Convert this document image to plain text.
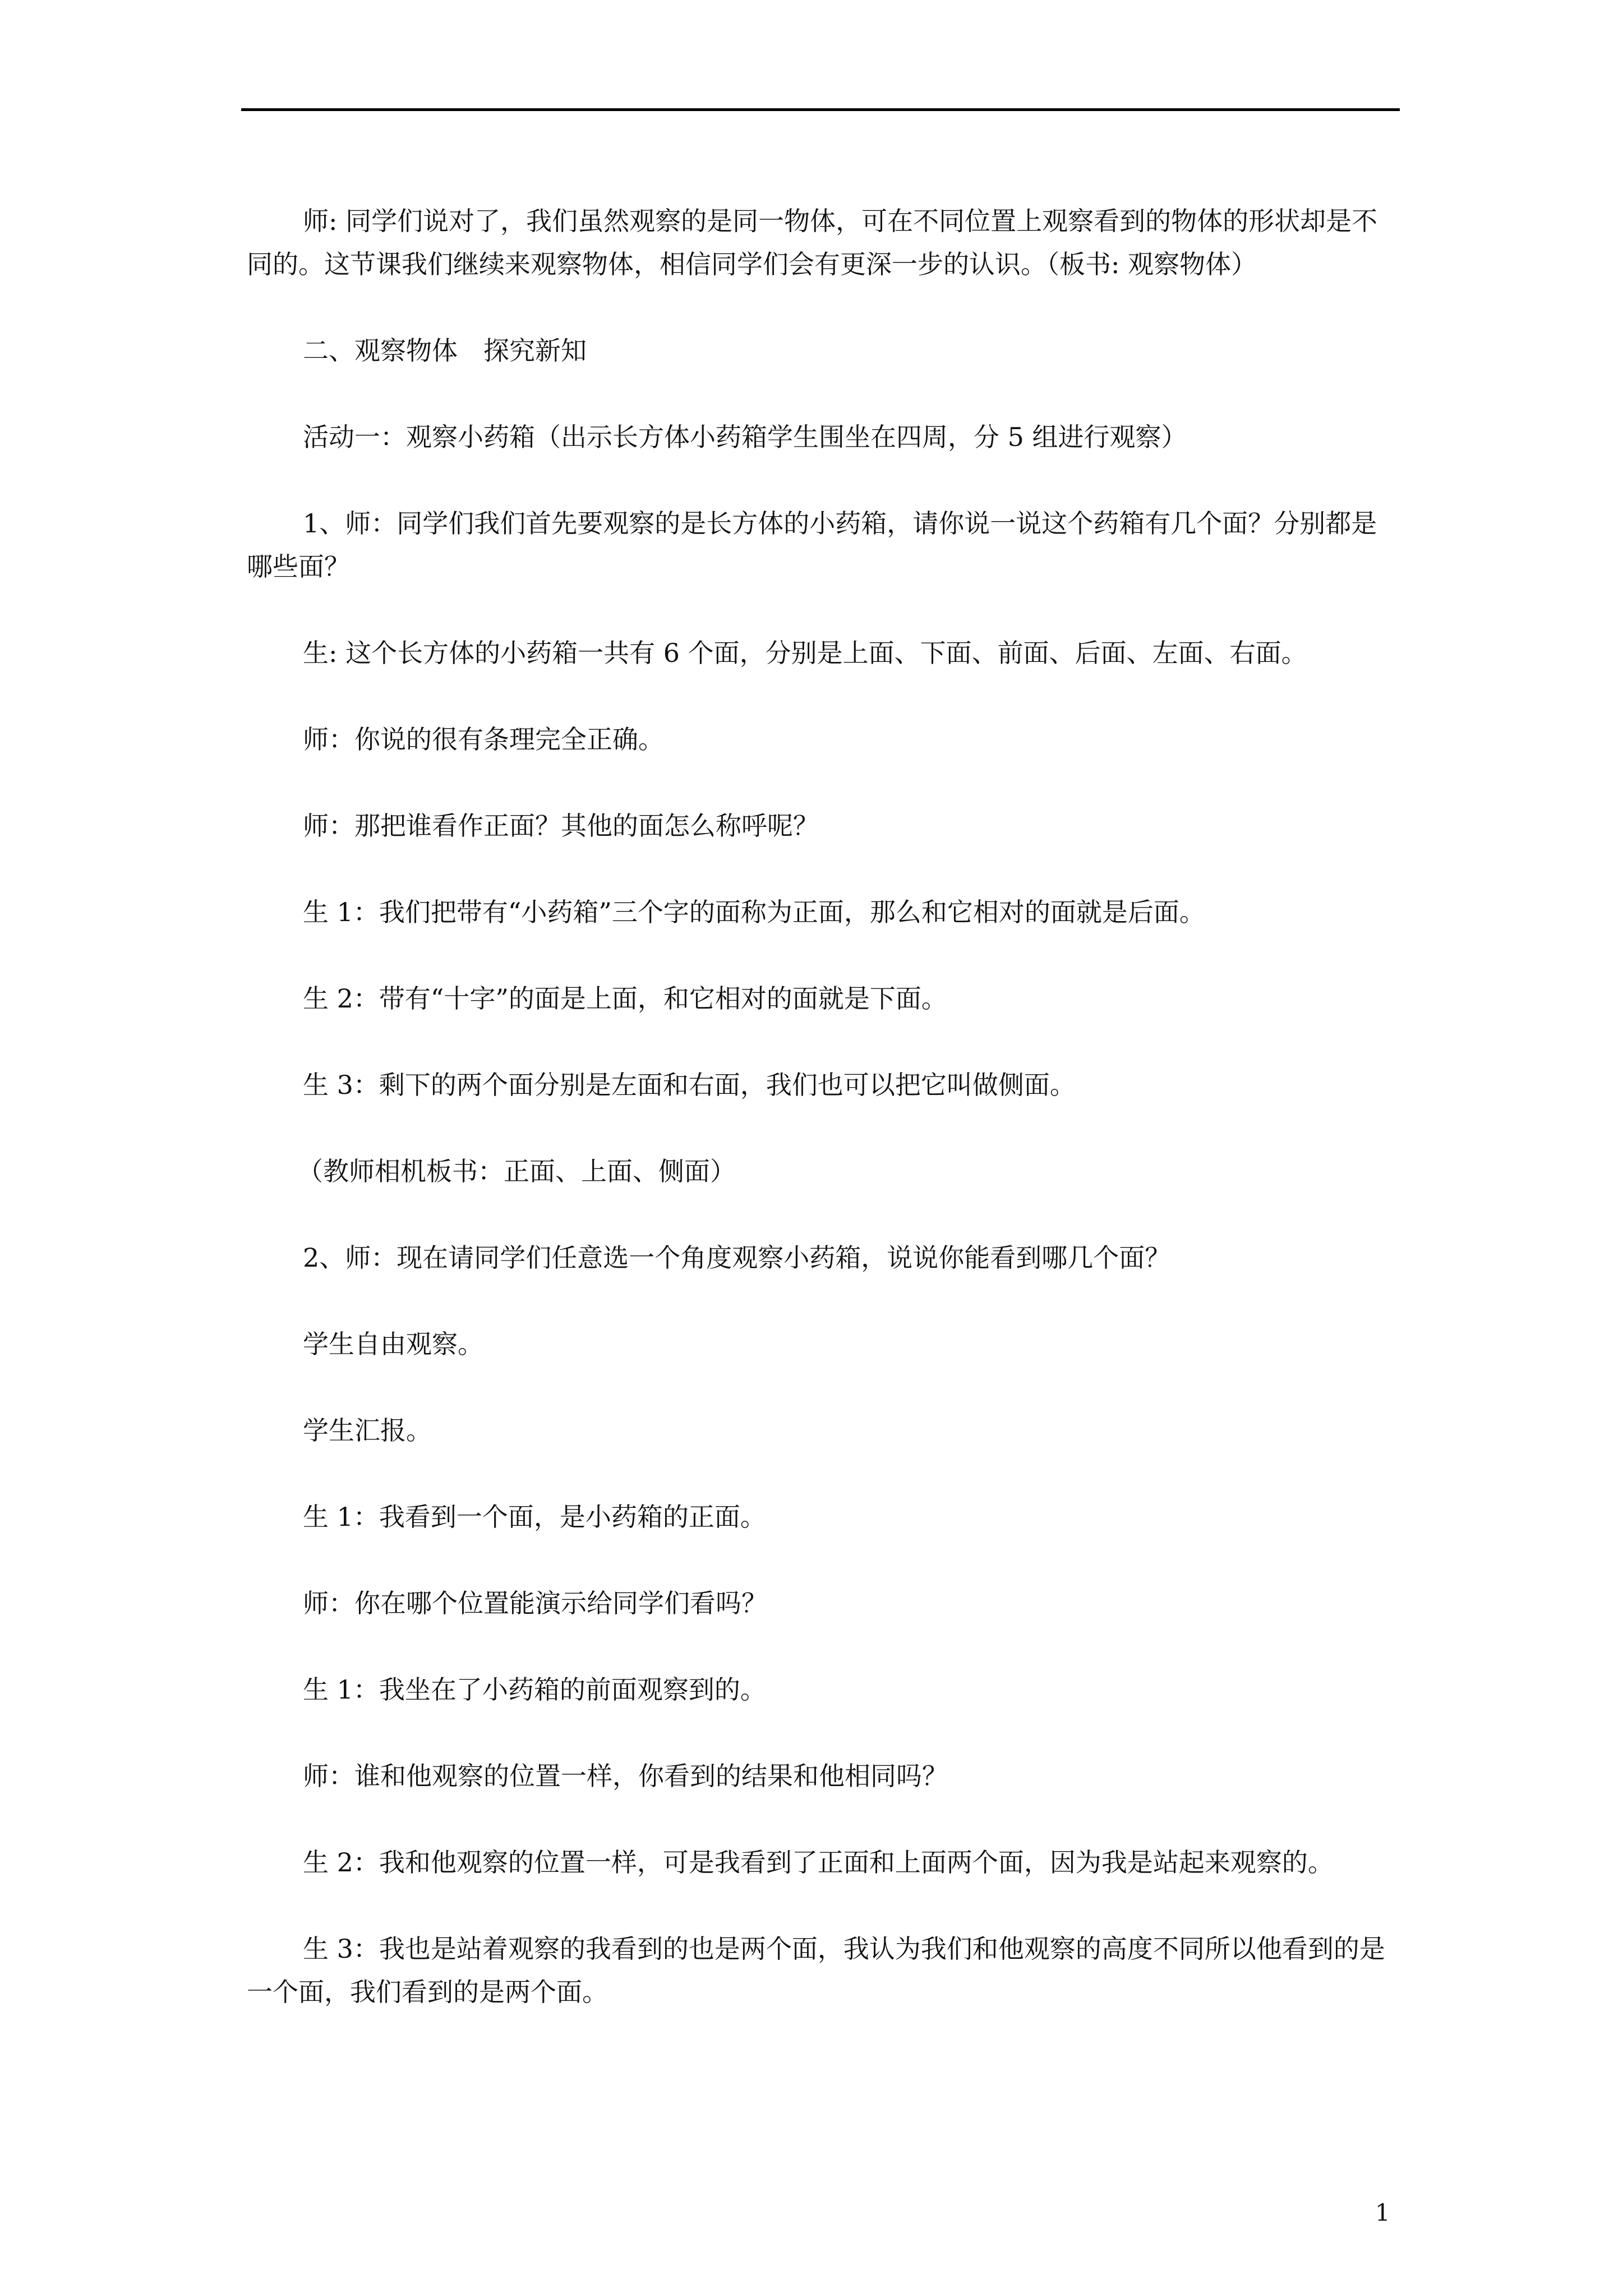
师: 同学们说对了，我们虽然观察的是同一物体，可在不同位置上观察看到的物体的形状却是不同的。这节课我们继续来观察物体，相信同学们会有更深一步的认识。（板书: 观察物体）

二、观察物体　探究新知

活动一：观察小药箱（出示长方体小药箱学生围坐在四周，分 5 组进行观察）

1、师：同学们我们首先要观察的是长方体的小药箱，请你说一说这个药箱有几个面？分别都是哪些面？

生: 这个长方体的小药箱一共有 6 个面，分别是上面、下面、前面、后面、左面、右面。

师：你说的很有条理完全正确。

师：那把谁看作正面？其他的面怎么称呼呢？

生 1：我们把带有“小药箱”三个字的面称为正面，那么和它相对的面就是后面。

生 2：带有“十字”的面是上面，和它相对的面就是下面。

生 3：剩下的两个面分别是左面和右面，我们也可以把它叫做侧面。

（教师相机板书：正面、上面、侧面）

2、师：现在请同学们任意选一个角度观察小药箱，说说你能看到哪几个面？

学生自由观察。

学生汇报。

生 1：我看到一个面，是小药箱的正面。

师：你在哪个位置能演示给同学们看吗？

生 1：我坐在了小药箱的前面观察到的。

师：谁和他观察的位置一样，你看到的结果和他相同吗？

生 2：我和他观察的位置一样，可是我看到了正面和上面两个面，因为我是站起来观察的。

生 3：我也是站着观察的我看到的也是两个面，我认为我们和他观察的高度不同所以他看到的是一个面，我们看到的是两个面。

1
